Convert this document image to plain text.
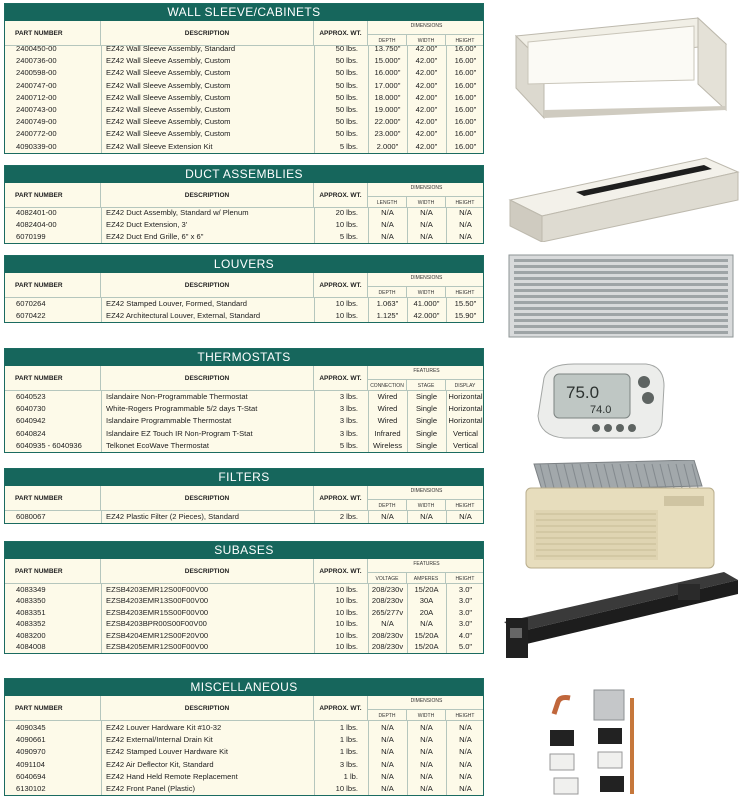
WALL SLEEVE/CABINETS
PART NUMBER	DESCRIPTION	APPROX. WT.
DIMENSIONS
DEPTH	WIDTH	HEIGHT
2400450-00	EZ42 Wall Sleeve Assembly, Standard	50 lbs.	13.750"	42.00"	16.00"
2400736-00	EZ42 Wall Sleeve Assembly, Custom	50 lbs.	15.000"	42.00"	16.00"
2400598-00	EZ42 Wall Sleeve Assembly, Custom	50 lbs.	16.000"	42.00"	16.00"
2400747-00	EZ42 Wall Sleeve Assembly, Custom	50 lbs.	17.000"	42.00"	16.00"
2400712-00	EZ42 Wall Sleeve Assembly, Custom	50 lbs.	18.000"	42.00"	16.00"
2400743-00	EZ42 Wall Sleeve Assembly, Custom	50 lbs.	19.000"	42.00"	16.00"
2400749-00	EZ42 Wall Sleeve Assembly, Custom	50 lbs.	22.000"	42.00"	16.00"
2400772-00	EZ42 Wall Sleeve Assembly, Custom	50 lbs.	23.000"	42.00"	16.00"
4090339-00	EZ42 Wall Sleeve Extension Kit	5 lbs.	2.000"	42.00"	16.00"
DUCT ASSEMBLIES
PART NUMBER	DESCRIPTION	APPROX. WT.
DIMENSIONS
LENGTH	WIDTH	HEIGHT
4082401-00	EZ42 Duct Assembly, Standard w/ Plenum	20 lbs.	N/A	N/A	N/A
4082404-00	EZ42 Duct Extension, 3'	10 lbs.	N/A	N/A	N/A
6070199	EZ42 Duct End Grille, 6" x 6"	5 lbs.	N/A	N/A	N/A
LOUVERS
PART NUMBER	DESCRIPTION	APPROX. WT.
DIMENSIONS
DEPTH	WIDTH	HEIGHT
6070264	EZ42 Stamped Louver, Formed, Standard	10 lbs.	1.063"	41.000"	15.50"
6070422	EZ42 Architectural Louver, External, Standard	10 lbs.	1.125"	42.000"	15.90"
THERMOSTATS
PART NUMBER	DESCRIPTION	APPROX. WT.
FEATURES
CONNECTION	STAGE	DISPLAY
6040523	Islandaire Non-Programmable Thermostat	3 lbs.	Wired	Single	Horizontal
6040730	White-Rogers Programmable 5/2 days T-Stat	3 lbs.	Wired	Single	Horizontal
6040942	Islandaire Programmable Thermostat	3 lbs.	Wired	Single	Horizontal
6040824	Islandaire EZ Touch IR Non-Program T-Stat	3 lbs.	Infrared	Single	Vertical
6040935 - 6040936	Telkonet EcoWave Thermostat	5 lbs.	Wireless	Single	Vertical
FILTERS
PART NUMBER	DESCRIPTION	APPROX. WT.
DIMENSIONS
DEPTH	WIDTH	HEIGHT
6080067	EZ42 Plastic Filter (2 Pieces), Standard	2 lbs.	N/A	N/A	N/A
SUBASES
PART NUMBER	DESCRIPTION	APPROX. WT.
FEATURES
VOLTAGE	AMPERES	HEIGHT
4083349	EZSB4203EMR12S00F00V00	10 lbs.	208/230v	15/20A	3.0"
4083350	EZSB4203EMR13S00F00V00	10 lbs.	208/230v	30A	3.0"
4083351	EZSB4203EMR15S00F00V00	10 lbs.	265/277v	20A	3.0"
4083352	EZSB4203BPR00S00F00V00	10 lbs.	N/A	N/A	3.0"
4083200	EZSB4204EMR12S00F20V00	10 lbs.	208/230v	15/20A	4.0"
4084008	EZSB4205EMR12S00F00V00	10 lbs.	208/230v	15/20A	5.0"
MISCELLANEOUS
PART NUMBER	DESCRIPTION	APPROX. WT.
DIMENSIONS
DEPTH	WIDTH	HEIGHT
4090345	EZ42 Louver Hardware Kit #10-32	1 lbs.	N/A	N/A	N/A
4090661	EZ42 External/Internal Drain Kit	1 lbs.	N/A	N/A	N/A
4090970	EZ42 Stamped Louver Hardware Kit	1 lbs.	N/A	N/A	N/A
4091104	EZ42 Air Deflector Kit, Standard	3 lbs.	N/A	N/A	N/A
6040694	EZ42 Hand Held Remote Replacement	1 lb.	N/A	N/A	N/A
6130102	EZ42 Front Panel (Plastic)	10 lbs.	N/A	N/A	N/A
75.0
74.0
